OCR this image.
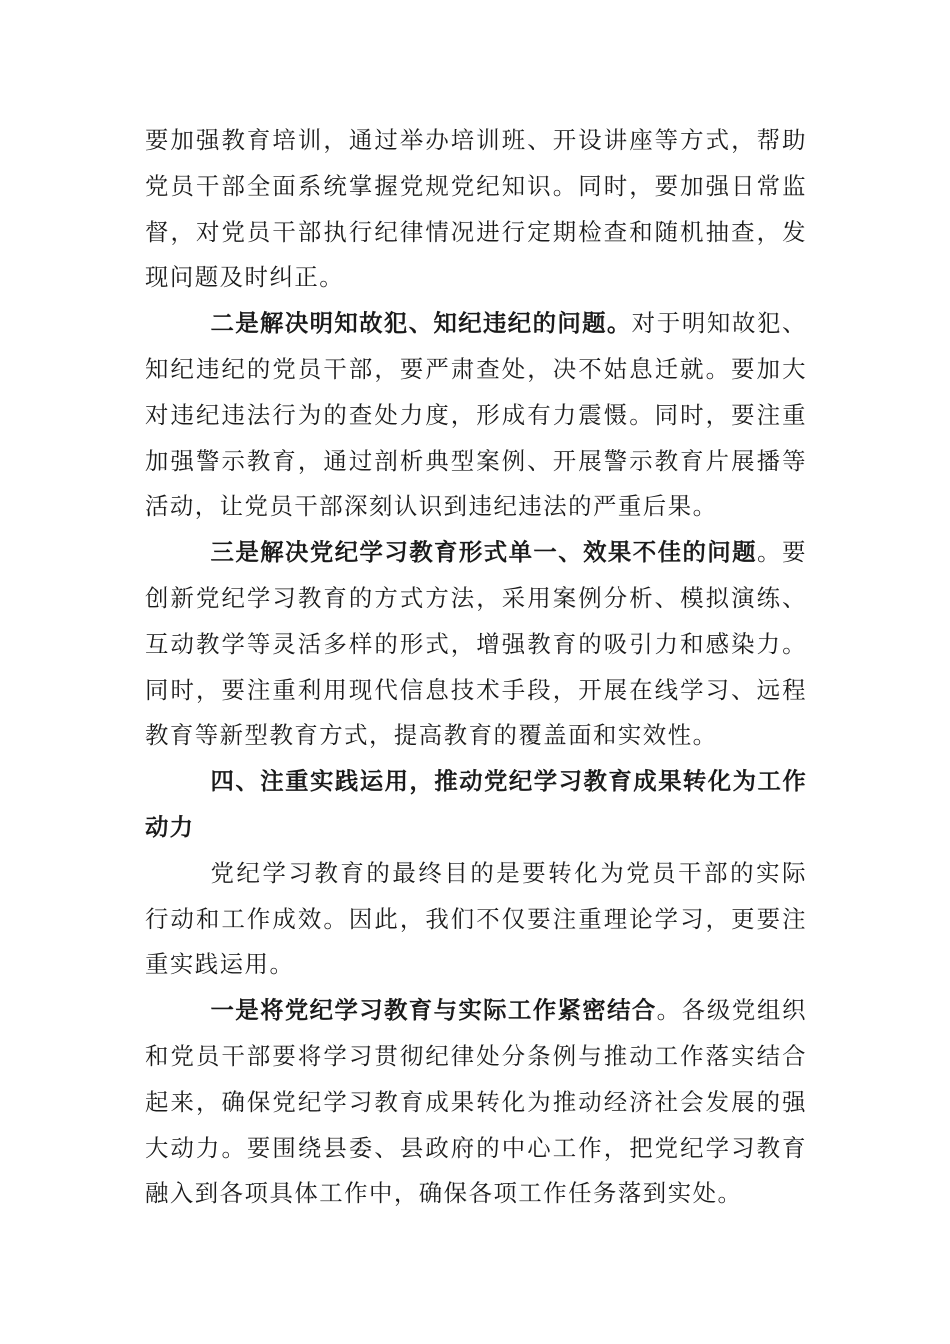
要加强教育培训，通过举办培训班、开设讲座等方式，帮助党员干部全面系统掌握党规党纪知识。同时，要加强日常监督，对党员干部执行纪律情况进行定期检查和随机抽查，发现问题及时纠正。

二是解决明知故犯、知纪违纪的问题。对于明知故犯、知纪违纪的党员干部，要严肃查处，决不姑息迁就。要加大对违纪违法行为的查处力度，形成有力震慑。同时，要注重加强警示教育，通过剖析典型案例、开展警示教育片展播等活动，让党员干部深刻认识到违纪违法的严重后果。

三是解决党纪学习教育形式单一、效果不佳的问题。要创新党纪学习教育的方式方法，采用案例分析、模拟演练、互动教学等灵活多样的形式，增强教育的吸引力和感染力。同时，要注重利用现代信息技术手段，开展在线学习、远程教育等新型教育方式，提高教育的覆盖面和实效性。

四、注重实践运用，推动党纪学习教育成果转化为工作动力

党纪学习教育的最终目的是要转化为党员干部的实际行动和工作成效。因此，我们不仅要注重理论学习，更要注重实践运用。

一是将党纪学习教育与实际工作紧密结合。各级党组织和党员干部要将学习贯彻纪律处分条例与推动工作落实结合起来，确保党纪学习教育成果转化为推动经济社会发展的强大动力。要围绕县委、县政府的中心工作，把党纪学习教育融入到各项具体工作中，确保各项工作任务落到实处。
